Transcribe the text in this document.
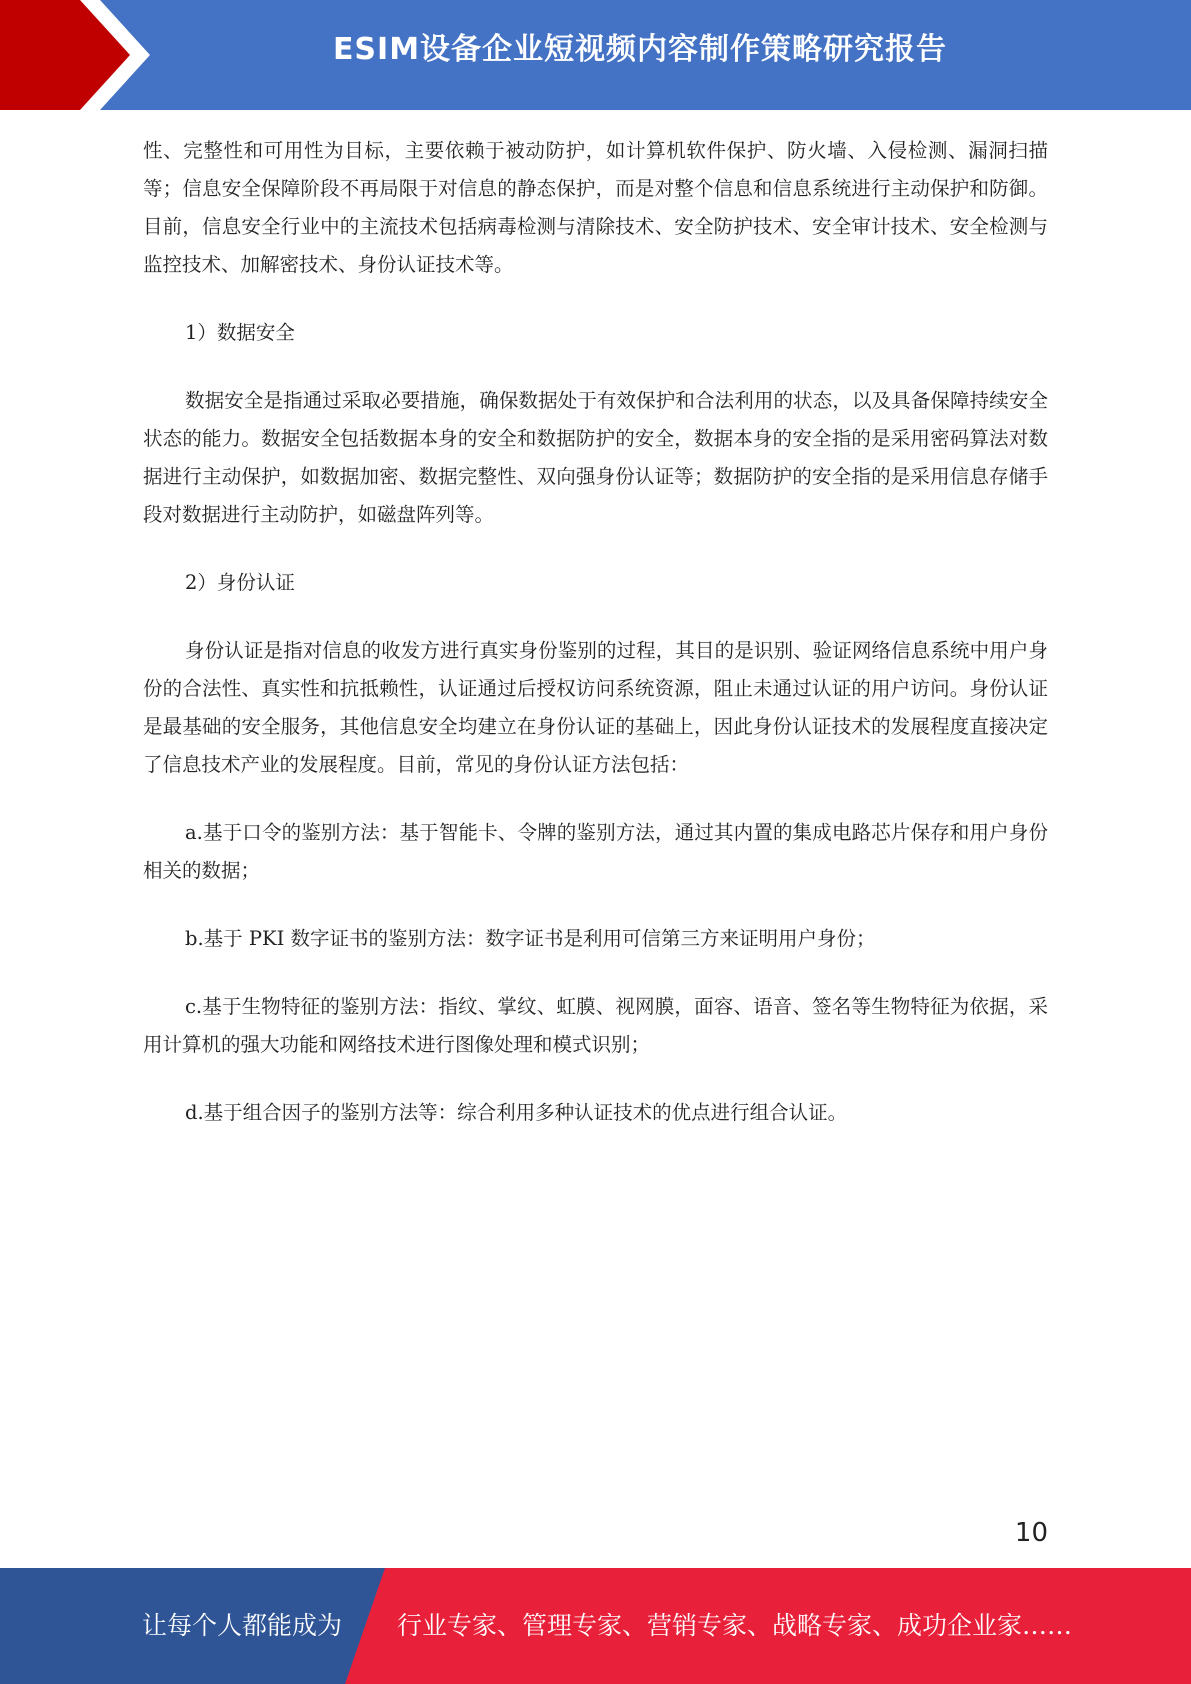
ESIM设备企业短视频内容制作策略研究报告

性、完整性和可用性为目标，主要依赖于被动防护，如计算机软件保护、防火墙、入侵检测、漏洞扫描等；信息安全保障阶段不再局限于对信息的静态保护，而是对整个信息和信息系统进行主动保护和防御。目前，信息安全行业中的主流技术包括病毒检测与清除技术、安全防护技术、安全审计技术、安全检测与监控技术、加解密技术、身份认证技术等。

1）数据安全

数据安全是指通过采取必要措施，确保数据处于有效保护和合法利用的状态，以及具备保障持续安全状态的能力。数据安全包括数据本身的安全和数据防护的安全，数据本身的安全指的是采用密码算法对数据进行主动保护，如数据加密、数据完整性、双向强身份认证等；数据防护的安全指的是采用信息存储手段对数据进行主动防护，如磁盘阵列等。

2）身份认证

身份认证是指对信息的收发方进行真实身份鉴别的过程，其目的是识别、验证网络信息系统中用户身份的合法性、真实性和抗抵赖性，认证通过后授权访问系统资源，阻止未通过认证的用户访问。身份认证是最基础的安全服务，其他信息安全均建立在身份认证的基础上，因此身份认证技术的发展程度直接决定了信息技术产业的发展程度。目前，常见的身份认证方法包括：

a.基于口令的鉴别方法：基于智能卡、令牌的鉴别方法，通过其内置的集成电路芯片保存和用户身份相关的数据；

b.基于 PKI 数字证书的鉴别方法：数字证书是利用可信第三方来证明用户身份；

c.基于生物特征的鉴别方法：指纹、掌纹、虹膜、视网膜，面容、语音、签名等生物特征为依据，采用计算机的强大功能和网络技术进行图像处理和模式识别；

d.基于组合因子的鉴别方法等：综合利用多种认证技术的优点进行组合认证。

10
让每个人都能成为 行业专家、管理专家、营销专家、战略专家、成功企业家……
